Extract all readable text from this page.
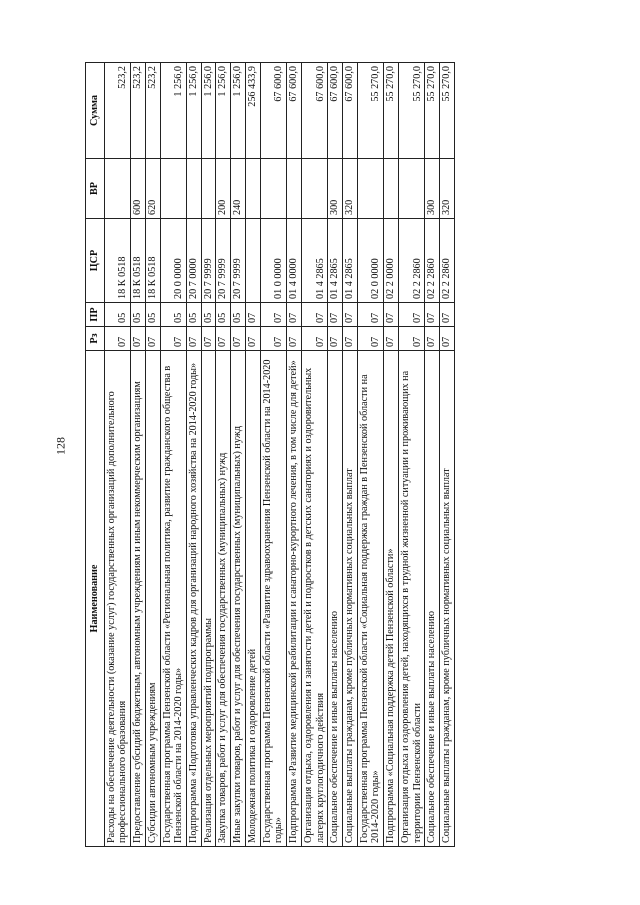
128
Наименование	Рз	ПР	ЦСР	ВР	Сумма
Расходы на обеспечение деятельности (оказание услуг) государственных организаций дополнительного профессионального образования	07	05	18 К 0518		523,2
Предоставление субсидий бюджетным, автономным учреждениям и иным некоммерческим организациям	07	05	18 К 0518	600	523,2
Субсидии автономным учреждениям	07	05	18 К 0518	620	523,2
Государственная программа Пензенской области «Региональная политика, развитие гражданского общества в Пензенской области на 2014-2020 годы»	07	05	20 0 0000		1 256,0
Подпрограмма «Подготовка управленческих кадров для организаций народного хозяйства на 2014-2020 годы»	07	05	20 7 0000		1 256,0
Реализация отдельных мероприятий подпрограммы	07	05	20 7 9999		1 256,0
Закупка товаров, работ и услуг для обеспечения государственных (муниципальных) нужд	07	05	20 7 9999	200	1 256,0
Иные закупки товаров, работ и услуг для обеспечения государственных (муниципальных) нужд	07	05	20 7 9999	240	1 256,0
Молодежная политика и оздоровление детей	07	07			256 433,9
Государственная программа Пензенской области «Развитие здравоохранения Пензенской области на 2014-2020 годы»	07	07	01 0 0000		67 600,0
Подпрограмма «Развитие медицинской реабилитации и санаторно-курортного лечения, в том числе для детей»	07	07	01 4 0000		67 600,0
Организация отдыха, оздоровления и занятости детей и подростков в детских санаториях и оздоровительных лагерях круглогодичного действия	07	07	01 4 2865		67 600,0
Социальное обеспечение и иные выплаты населению	07	07	01 4 2865	300	67 600,0
Социальные выплаты гражданам, кроме публичных нормативных социальных выплат	07	07	01 4 2865	320	67 600,0
Государственная программа Пензенской области «Социальная поддержка граждан в Пензенской области на 2014-2020 годы»	07	07	02 0 0000		55 270,0
Подпрограмма «Социальная поддержка детей Пензенской области»	07	07	02 2 0000		55 270,0
Организация отдыха и оздоровления детей, находящихся в трудной жизненной ситуации и проживающих на территории Пензенской области	07	07	02 2 2860		55 270,0
Социальное обеспечение и иные выплаты населению	07	07	02 2 2860	300	55 270,0
Социальные выплаты гражданам, кроме публичных нормативных социальных выплат	07	07	02 2 2860	320	55 270,0
